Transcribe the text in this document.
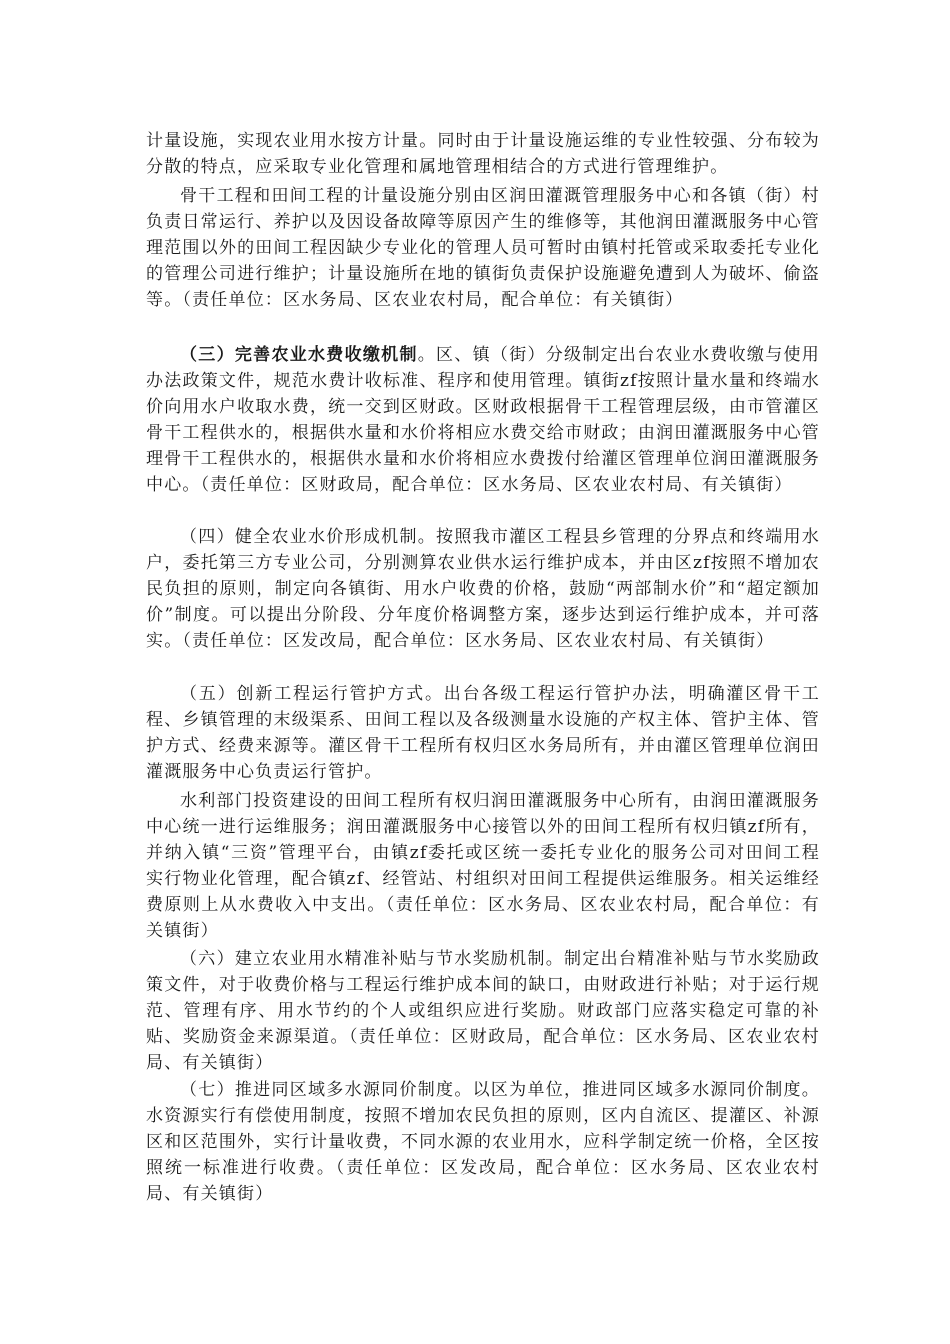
计量设施，实现农业用水按方计量。同时由于计量设施运维的专业性较强、分布较为分散的特点，应采取专业化管理和属地管理相结合的方式进行管理维护。

骨干工程和田间工程的计量设施分别由区润田灌溉管理服务中心和各镇（街）村负责日常运行、养护以及因设备故障等原因产生的维修等，其他润田灌溉服务中心管理范围以外的田间工程因缺少专业化的管理人员可暂时由镇村托管或采取委托专业化的管理公司进行维护；计量设施所在地的镇街负责保护设施避免遭到人为破坏、偷盗等。（责任单位：区水务局、区农业农村局，配合单位：有关镇街）

（三）完善农业水费收缴机制。区、镇（街）分级制定出台农业水费收缴与使用办法政策文件，规范水费计收标准、程序和使用管理。镇街zf按照计量水量和终端水价向用水户收取水费，统一交到区财政。区财政根据骨干工程管理层级，由市管灌区骨干工程供水的，根据供水量和水价将相应水费交给市财政；由润田灌溉服务中心管理骨干工程供水的，根据供水量和水价将相应水费拨付给灌区管理单位润田灌溉服务中心。（责任单位：区财政局，配合单位：区水务局、区农业农村局、有关镇街）

（四）健全农业水价形成机制。按照我市灌区工程县乡管理的分界点和终端用水户，委托第三方专业公司，分别测算农业供水运行维护成本，并由区zf按照不增加农民负担的原则，制定向各镇街、用水户收费的价格，鼓励“两部制水价”和“超定额加价”制度。可以提出分阶段、分年度价格调整方案，逐步达到运行维护成本，并可落实。（责任单位：区发改局，配合单位：区水务局、区农业农村局、有关镇街）

（五）创新工程运行管护方式。出台各级工程运行管护办法，明确灌区骨干工程、乡镇管理的末级渠系、田间工程以及各级测量水设施的产权主体、管护主体、管护方式、经费来源等。灌区骨干工程所有权归区水务局所有，并由灌区管理单位润田灌溉服务中心负责运行管护。

水利部门投资建设的田间工程所有权归润田灌溉服务中心所有，由润田灌溉服务中心统一进行运维服务；润田灌溉服务中心接管以外的田间工程所有权归镇zf所有，并纳入镇“三资”管理平台，由镇zf委托或区统一委托专业化的服务公司对田间工程实行物业化管理，配合镇zf、经管站、村组织对田间工程提供运维服务。相关运维经费原则上从水费收入中支出。（责任单位：区水务局、区农业农村局，配合单位：有关镇街）

（六）建立农业用水精准补贴与节水奖励机制。制定出台精准补贴与节水奖励政策文件，对于收费价格与工程运行维护成本间的缺口，由财政进行补贴；对于运行规范、管理有序、用水节约的个人或组织应进行奖励。财政部门应落实稳定可靠的补贴、奖励资金来源渠道。（责任单位：区财政局，配合单位：区水务局、区农业农村局、有关镇街）

（七）推进同区域多水源同价制度。以区为单位，推进同区域多水源同价制度。水资源实行有偿使用制度，按照不增加农民负担的原则，区内自流区、提灌区、补源区和区范围外，实行计量收费，不同水源的农业用水，应科学制定统一价格，全区按照统一标准进行收费。（责任单位：区发改局，配合单位：区水务局、区农业农村局、有关镇街）
